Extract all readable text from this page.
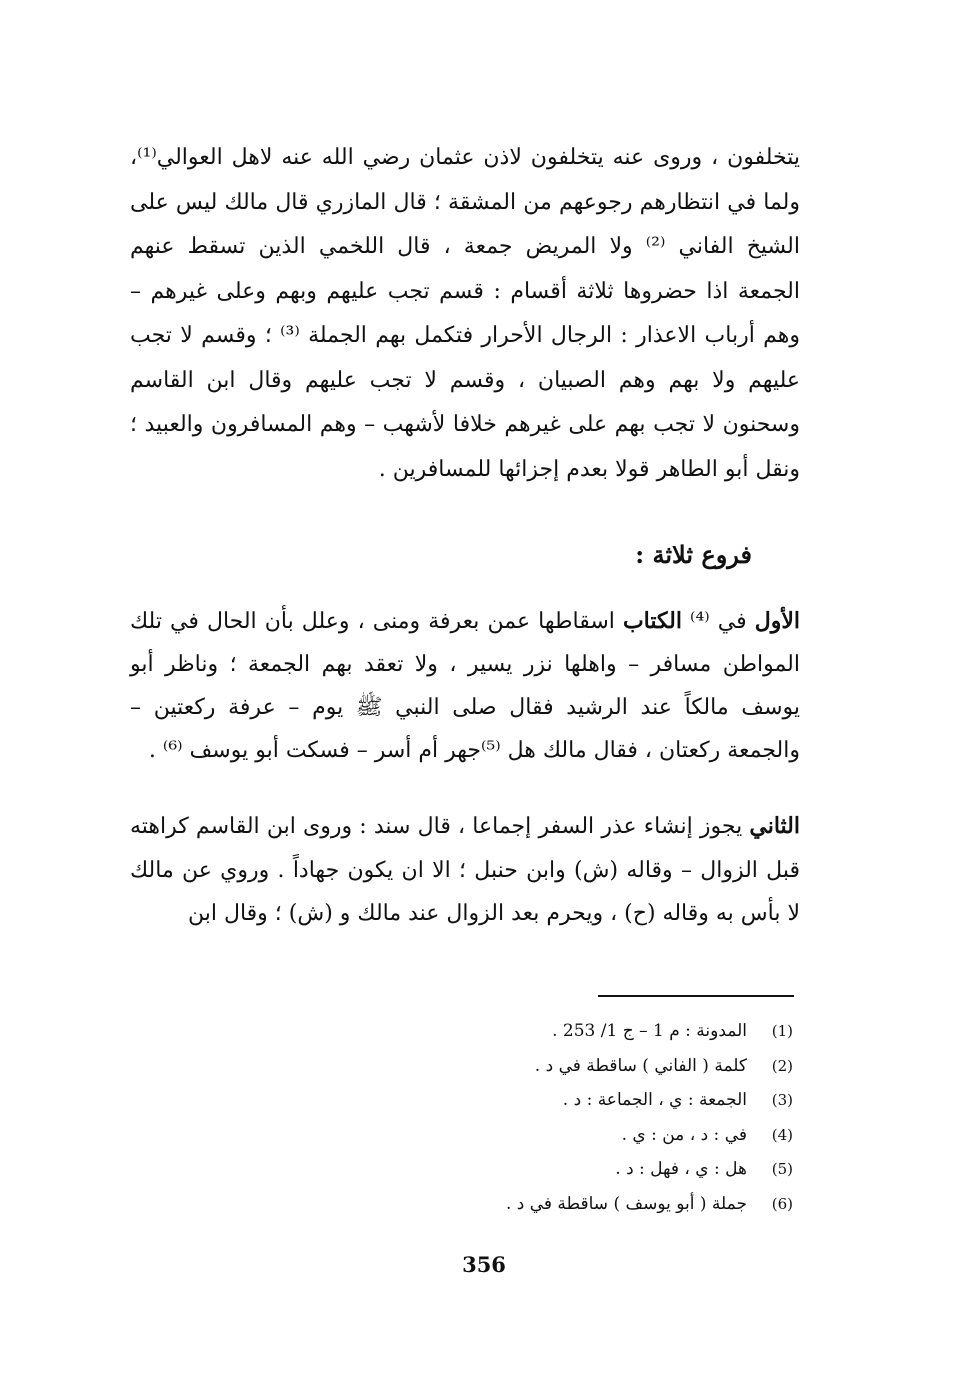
يتخلفون ، وروى عنه يتخلفون لاذن عثمان رضي الله عنه لاهل العوالي⁽¹⁾، ولما في انتظارهم رجوعهم من المشقة ؛ قال المازري قال مالك ليس على الشيخ الفاني ⁽²⁾ ولا المريض جمعة ، قال اللخمي الذين تسقط عنهم الجمعة اذا حضروها ثلاثة أقسام : قسم تجب عليهم وبهم وعلى غيرهم – وهم أرباب الاعذار : الرجال الأحرار فتكمل بهم الجملة ⁽³⁾ ؛ وقسم لا تجب عليهم ولا بهم وهم الصبيان ، وقسم لا تجب عليهم وقال ابن القاسم وسحنون لا تجب بهم على غيرهم خلافا لأشهب – وهم المسافرون والعبيد ؛ ونقل أبو الطاهر قولا بعدم إجزائها للمسافرين .
فروع ثلاثة :
الأول في ⁽⁴⁾ الكتاب اسقاطها عمن بعرفة ومنى ، وعلل بأن الحال في تلك المواطن مسافر – واهلها نزر يسير ، ولا تعقد بهم الجمعة ؛ وناظر أبو يوسف مالكاً عند الرشيد فقال صلى النبي ﷺ يوم – عرفة ركعتين – والجمعة ركعتان ، فقال مالك هل ⁽⁵⁾جهر أم أسر – فسكت أبو يوسف ⁽⁶⁾ .
الثاني يجوز إنشاء عذر السفر إجماعا ، قال سند : وروى ابن القاسم كراهته قبل الزوال – وقاله (ش) وابن حنبل ؛ الا ان يكون جهاداً . وروي عن مالك لا بأس به وقاله (ح) ، ويحرم بعد الزوال عند مالك و (ش) ؛ وقال ابن
(1)
المدونة : م 1 – ج 1/ 253 .
(2)
كلمة ( الفاني ) ساقطة في د .
(3)
الجمعة : ي ، الجماعة : د .
(4)
في : د ، من : ي .
(5)
هل : ي ، فهل : د .
(6)
جملة ( أبو يوسف ) ساقطة في د .
356
